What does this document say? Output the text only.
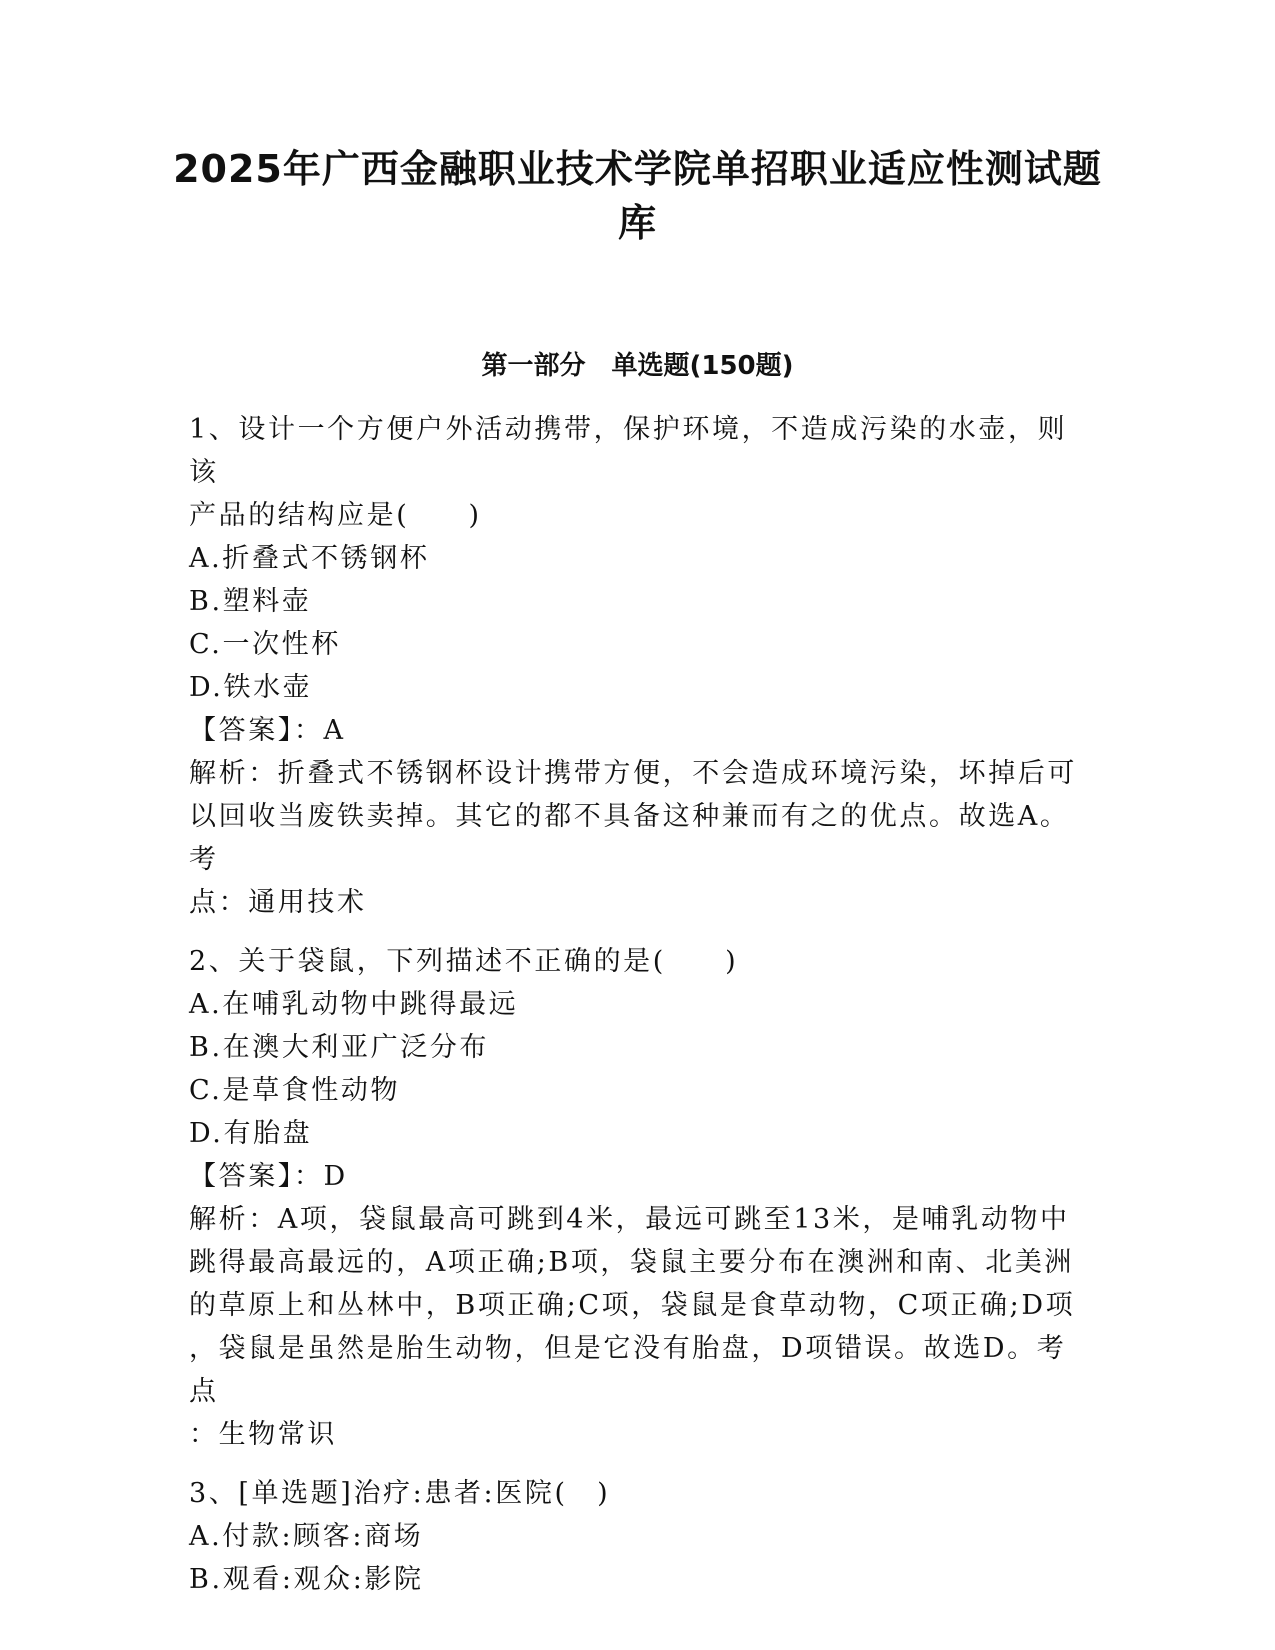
2025年广西金融职业技术学院单招职业适应性测试题
库
第一部分　单选题(150题)

1、设计一个方便户外活动携带，保护环境，不造成污染的水壶，则该

产品的结构应是(　　)

A.折叠式不锈钢杯

B.塑料壶

C.一次性杯

D.铁水壶

【答案】：A

解析：折叠式不锈钢杯设计携带方便，不会造成环境污染，坏掉后可

以回收当废铁卖掉。其它的都不具备这种兼而有之的优点。故选A。考

点：通用技术

2、关于袋鼠，下列描述不正确的是(　　)

A.在哺乳动物中跳得最远

B.在澳大利亚广泛分布

C.是草食性动物

D.有胎盘

【答案】：D

解析：A项，袋鼠最高可跳到4米，最远可跳至13米，是哺乳动物中

跳得最高最远的，A项正确;B项，袋鼠主要分布在澳洲和南、北美洲

的草原上和丛林中，B项正确;C项，袋鼠是食草动物，C项正确;D项

，袋鼠是虽然是胎生动物，但是它没有胎盘，D项错误。故选D。考点

：生物常识

3、[单选题]治疗:患者:医院(　)

A.付款:顾客:商场

B.观看:观众:影院
